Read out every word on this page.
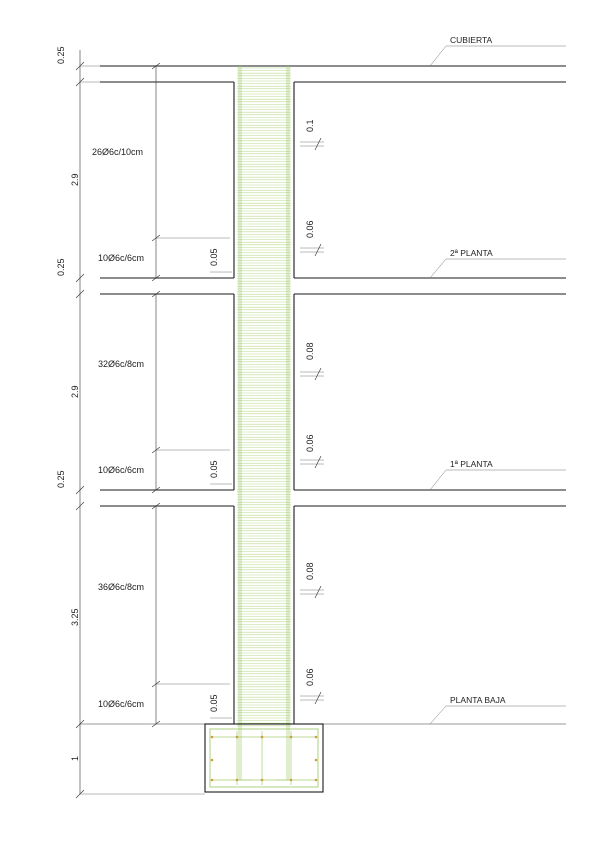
0.25
2.9
0.25
2.9
0.25
3.25
1
26Ø6c/10cm
10Ø6c/6cm
32Ø6c/8cm
10Ø6c/6cm
36Ø6c/8cm
10Ø6c/6cm
0.05
0.05
0.05
0.1
0.06
0.08
0.06
0.08
0.06
CUBIERTA
2ª PLANTA
1ª PLANTA
PLANTA BAJA
